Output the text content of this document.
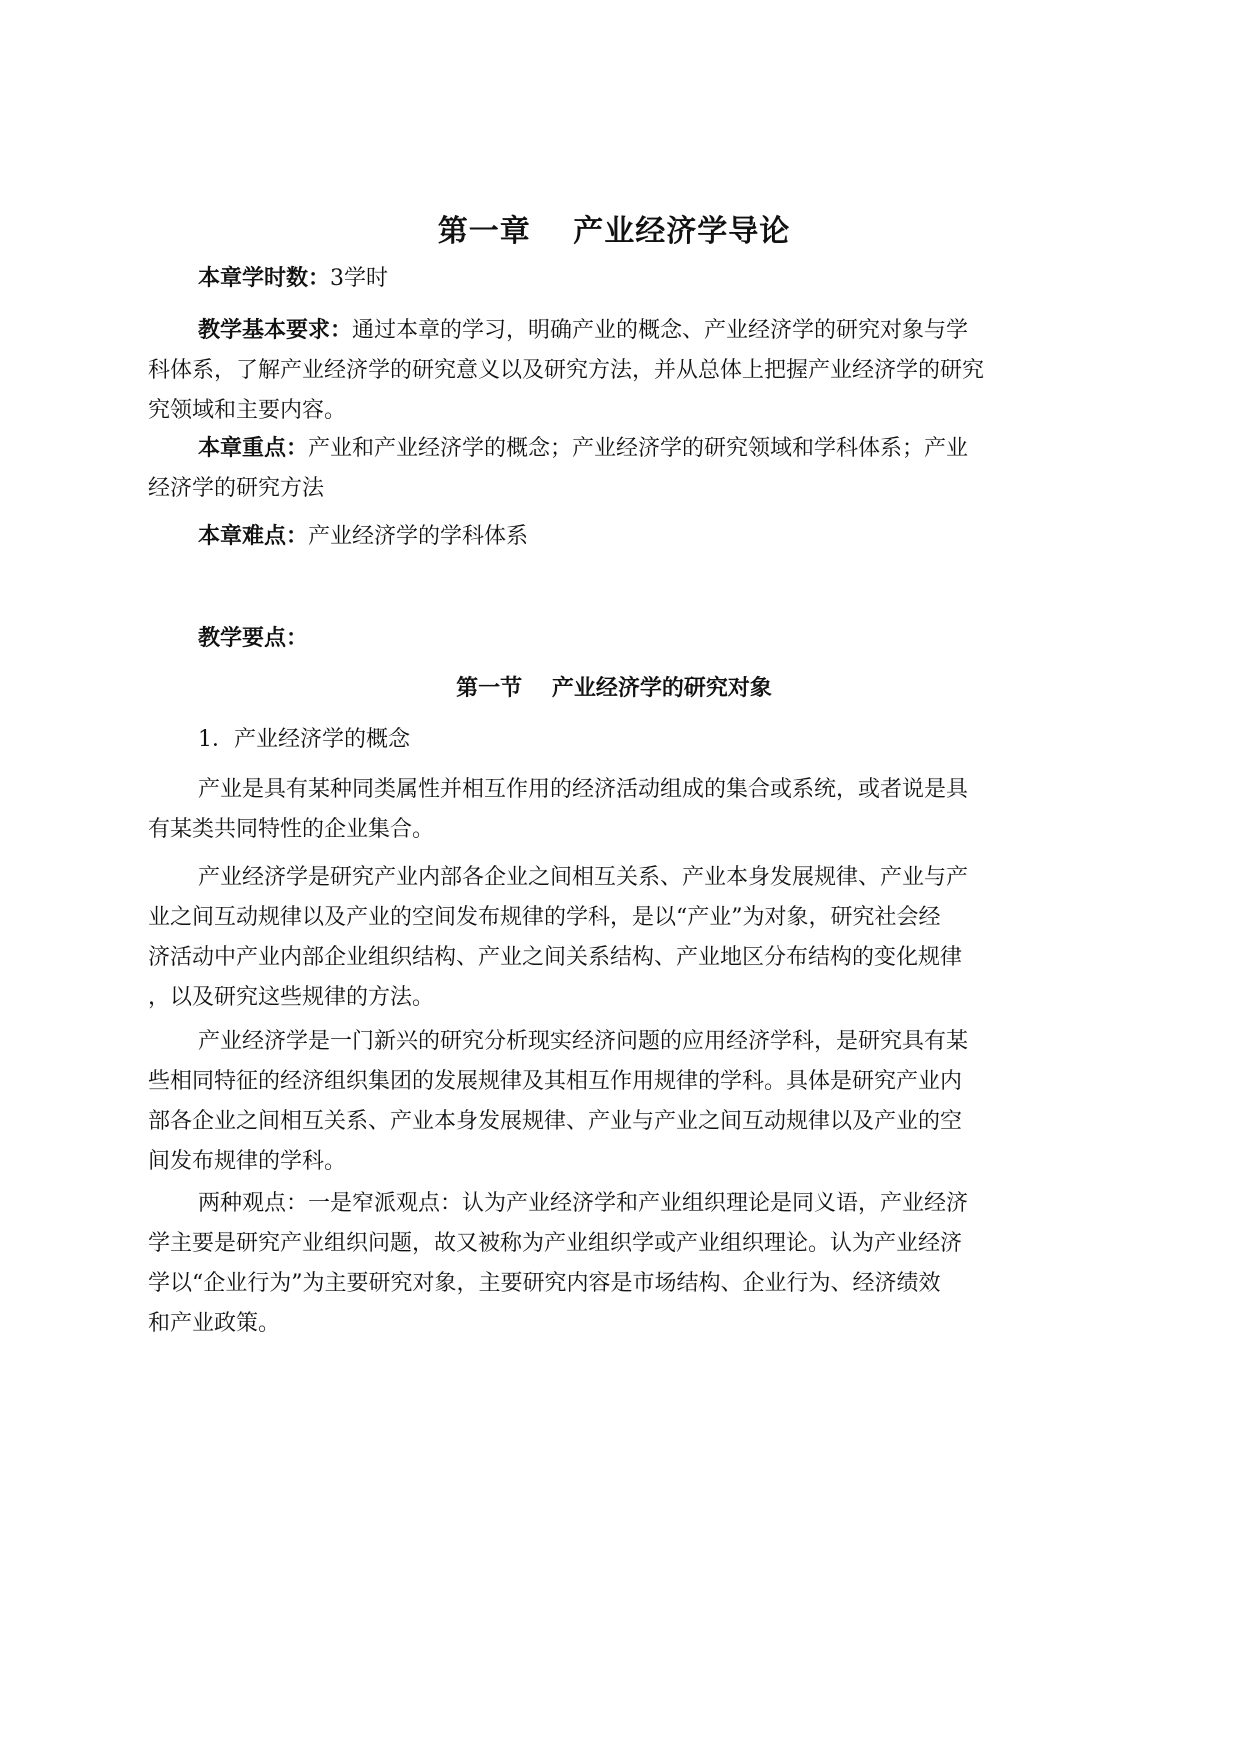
第一章　 产业经济学导论
本章学时数：3学时
教学基本要求：通过本章的学习，明确产业的概念、产业经济学的研究对象与学
科体系，了解产业经济学的研究意义以及研究方法，并从总体上把握产业经济学的研究
究领域和主要内容。
本章重点：产业和产业经济学的概念；产业经济学的研究领域和学科体系；产业
经济学的研究方法
本章难点：产业经济学的学科体系
教学要点：
第一节　 产业经济学的研究对象
1．产业经济学的概念
产业是具有某种同类属性并相互作用的经济活动组成的集合或系统，或者说是具
有某类共同特性的企业集合。
产业经济学是研究产业内部各企业之间相互关系、产业本身发展规律、产业与产
业之间互动规律以及产业的空间发布规律的学科，是以“产业”为对象，研究社会经
济活动中产业内部企业组织结构、产业之间关系结构、产业地区分布结构的变化规律
，以及研究这些规律的方法。
产业经济学是一门新兴的研究分析现实经济问题的应用经济学科，是研究具有某
些相同特征的经济组织集团的发展规律及其相互作用规律的学科。具体是研究产业内
部各企业之间相互关系、产业本身发展规律、产业与产业之间互动规律以及产业的空
间发布规律的学科。
两种观点：一是窄派观点：认为产业经济学和产业组织理论是同义语，产业经济
学主要是研究产业组织问题，故又被称为产业组织学或产业组织理论。认为产业经济
学以“企业行为”为主要研究对象，主要研究内容是市场结构、企业行为、经济绩效
和产业政策。
